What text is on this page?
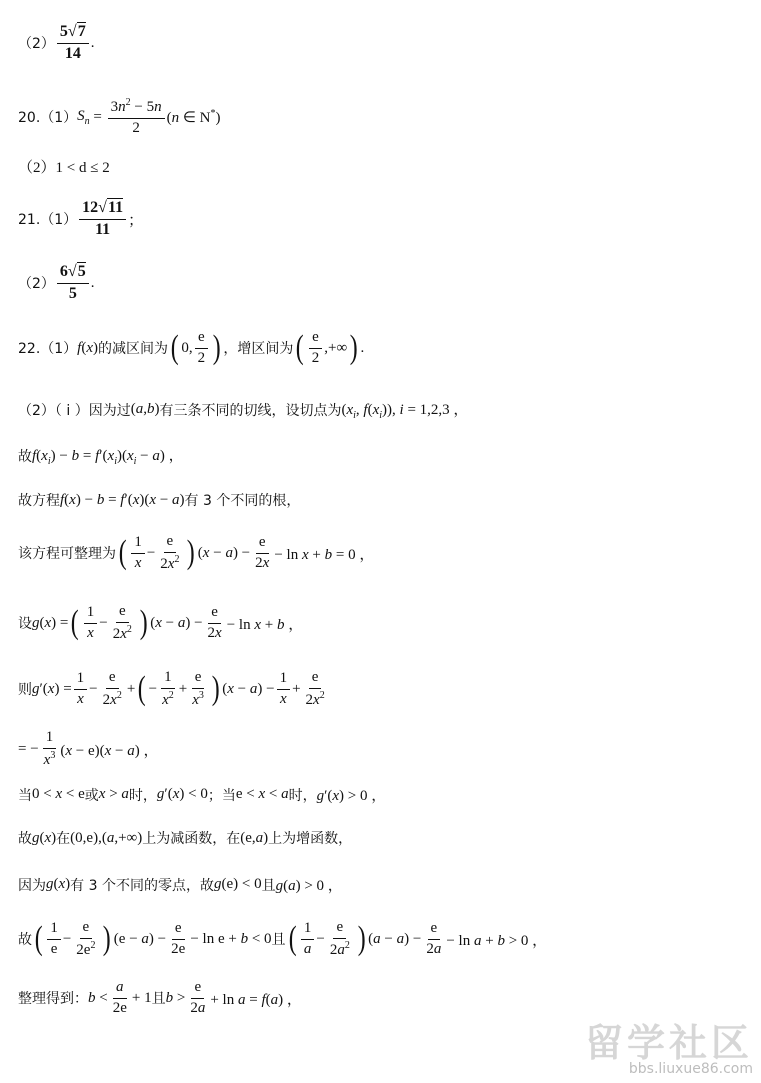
$(2) \frac{5√7}{14}$ .
20.（1） $S_n = \frac{3n^2 - 5n}{2} (n$ ∈ N*)
（2）1 < d ≤ 2
$21.(1) \frac{12√11}{11}$ ；
$(2) \frac{6√5}{5}$ .
22.（1） f (x) 的减区间为 ( 0, $\frac{e}{2}$ ) ，增区间为 ( $\frac{e}{2}$ ,+∞ ) .
（2）（ i ）因为过 (a,b) 有三条不同的切线，设切点为 ($x_i$, $f(x_i)$), i = 1,2,3 ，
故 $f(x_i) - b = f'(x_i)(x_i - a)$ ，
故方程 f(x) − b = f′(x)(x − a) 有 3 个不同的根，
该方程可整理为 ( $\frac{1}{x} - \frac{e}{2x^2}$ ) $(x - a) - \frac{e}{2x} - \ln x + b = 0$ ，
设 g(x) = ( $\frac{1}{x} - \frac{e}{2x^2}$ ) $(x - a) - \frac{e}{2x} - \ln x + b$ ，
则 $g'(x) = \frac{1}{x} - \frac{e}{2x^2}$ + ( − $\frac{1}{x^2} + \frac{e}{x^3}$ ) $(x - a) - \frac{1}{x} + \frac{e}{2x^2}$
= − $\frac{1}{x^3} (x - e)(x - a)$ ，
当 0 < x < e 或 x > a 时， g′(x) < 0 ；当 e < x < a 时， g′(x) > 0 ，
故 g(x) 在 (0,e),(a,+∞) 上为减函数，在 (e,a) 上为增函数，
因为 g(x) 有 3 个不同的零点，故 g(e) < 0 且 g(a) > 0 ，
故 ( $\frac{1}{e} - \frac{e}{2e^2}$ ) $(e - a) - \frac{e}{2e} - \ln e + b < 0$ 且 ( $\frac{1}{a} - \frac{e}{2a^2}$ ) $(a - a) - \frac{e}{2a} - \ln a + b > 0$ ，
整理得到： $b < \frac{a}{2e} + 1$ 且 $b > \frac{e}{2a} + \ln a = f(a)$ ，
留学社区
bbs.liuxue86.com
